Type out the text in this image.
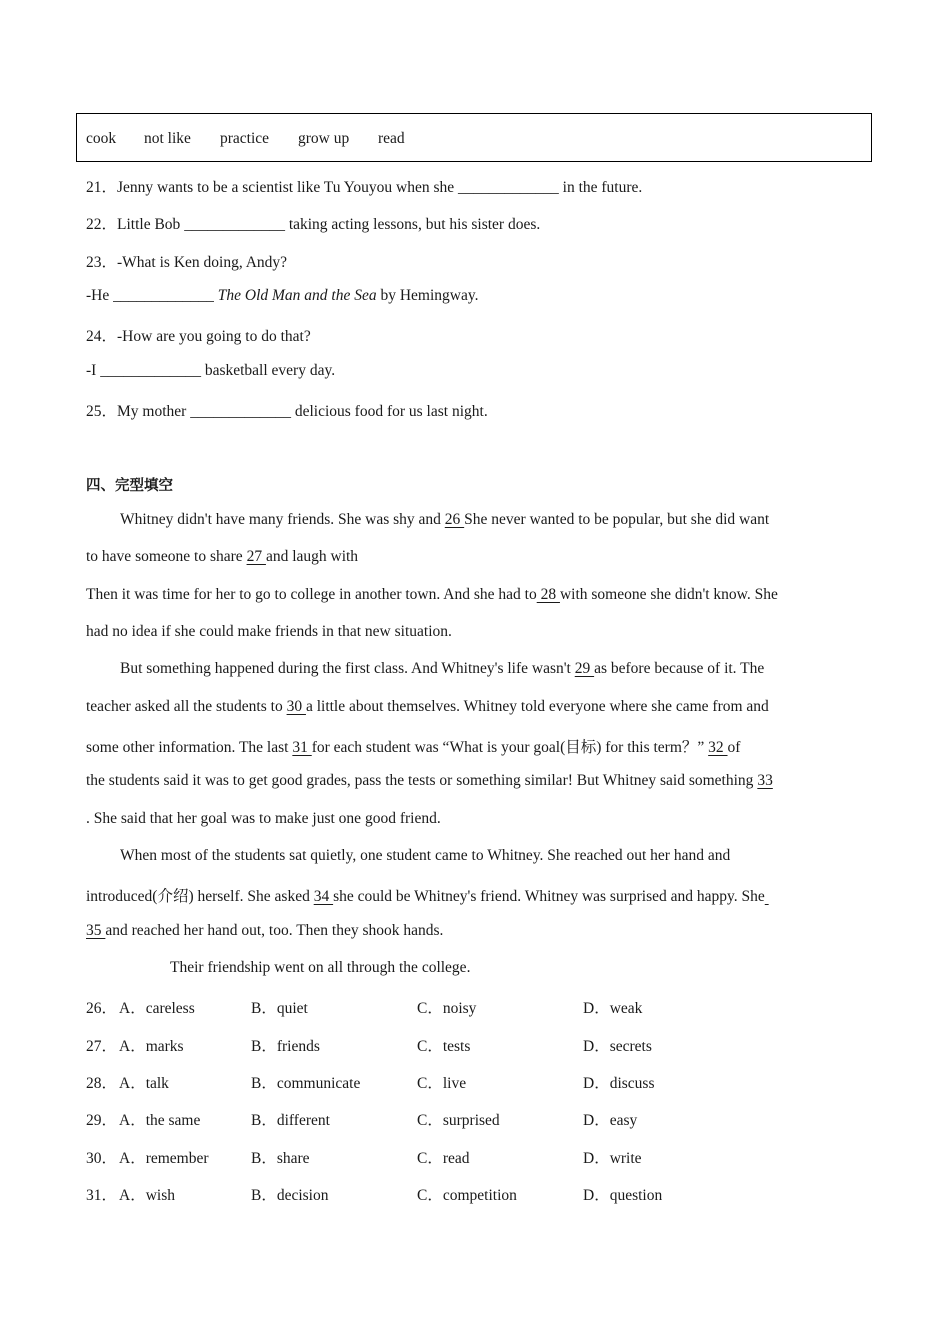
cook not like practice grow up read
21．Jenny wants to be a scientist like Tu Youyou when she _____________ in the future.
22．Little Bob _____________ taking acting lessons, but his sister does.
23．-What is Ken doing, Andy?
-He _____________ The Old Man and the Sea by Hemingway.
24．-How are you going to do that?
-I _____________ basketball every day.
25．My mother _____________ delicious food for us last night.
四、完型填空
Whitney didn't have many friends. She was shy and 26 She never wanted to be popular, but she did want
to have someone to share 27 and laugh with
Then it was time for her to go to college in another town. And she had to 28 with someone she didn't know. She
had no idea if she could make friends in that new situation.
But something happened during the first class. And Whitney's life wasn't 29 as before because of it. The
teacher asked all the students to 30 a little about themselves. Whitney told everyone where she came from and
some other information. The last 31 for each student was “What is your goal(目标) for this term？” 32 of
the students said it was to get good grades, pass the tests or something similar! But Whitney said something 33
. She said that her goal was to make just one good friend.
When most of the students sat quietly, one student came to Whitney. She reached out her hand and
introduced(介绍) herself. She asked 34 she could be Whitney's friend. Whitney was surprised and happy. She
35 and reached her hand out, too. Then they shook hands.
Their friendship went on all through the college.
26． A．careless	B．quiet	C．noisy	D．weak
27． A．marks	B．friends	C．tests	D．secrets
28． A．talk	B．communicate	C．live	D．discuss
29． A．the same	B．different	C．surprised	D．easy
30． A．remember	B．share	C．read	D．write
31． A．wish	B．decision	C．competition	D．question
